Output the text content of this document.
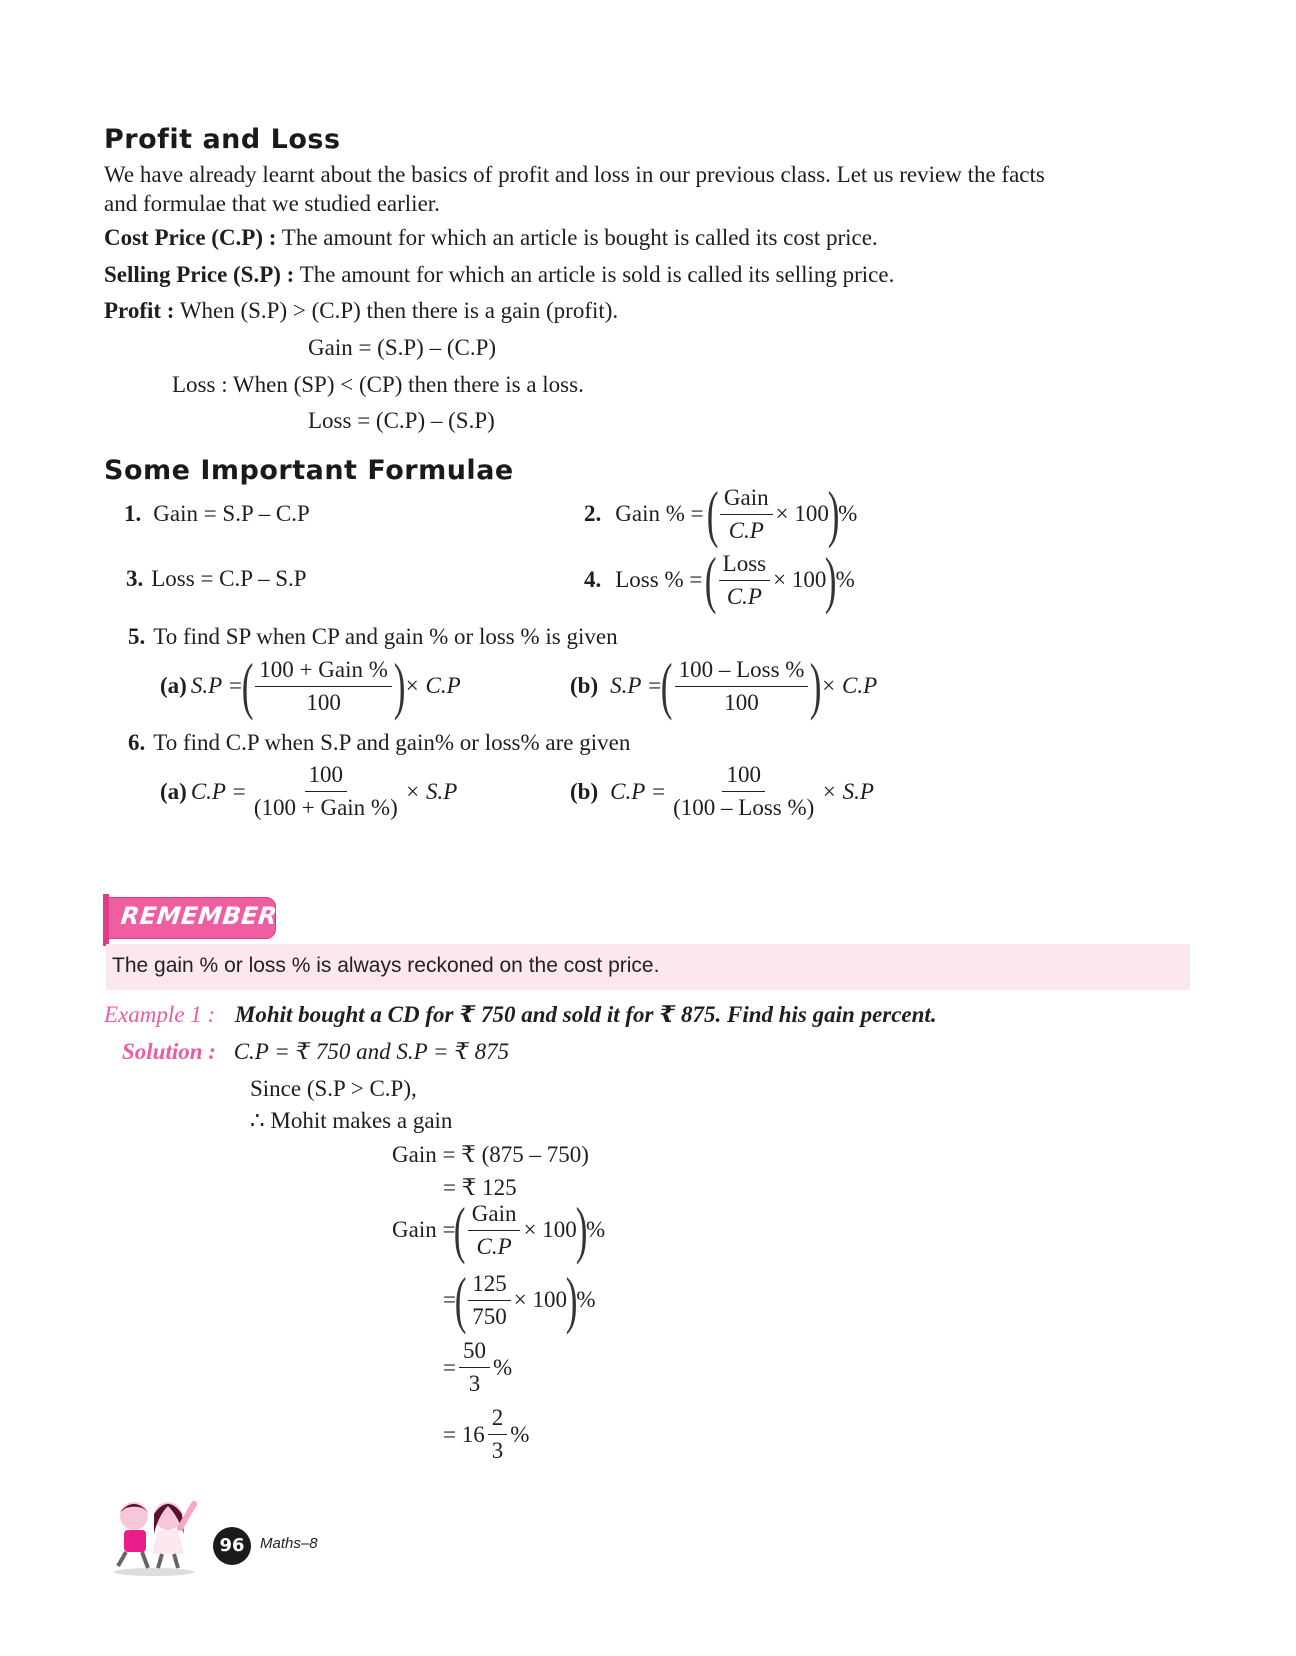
Profit and Loss
We have already learnt about the basics of profit and loss in our previous class. Let us review the facts
and formulae that we studied earlier.
Cost Price (C.P) : The amount for which an article is bought is called its cost price.
Selling Price (S.P) : The amount for which an article is sold is called its selling price.
Profit : When (S.P) > (C.P) then there is a gain (profit).
Gain = (S.P) – (C.P)
Loss : When (SP) < (CP) then there is a loss.
Loss = (C.P) – (S.P)
Some Important Formulae
1. Gain = S.P – C.P	2. Gain % = ( $\frac{\text{Gain}}{C.P} \times 100$
)
%
3. Loss = C.P – S.P	4. Loss % = ( $\frac{\text{Loss}}{C.P} \times 100$
)
%
5. To find SP when CP and gain % or loss % is given
(a) S.P =
( $\frac{\text{100 + Gain \%}}{100}$ )
× C.P	(b) S.P =
( $\frac{\text{100 – Loss \%}}{100}$ )
× C.P
6. To find C.P when S.P and gain% or loss% are given
(a) $C.P = \frac{100}{\text{(100 + Gain \%)}} \times S.P$	(b) $C.P = \frac{100}{\text{(100 – Loss \%)}} \times S.P$
REMEMBER
The gain % or loss % is always reckoned on the cost price.
Example 1 : Mohit bought a CD for ₹ 750 and sold it for ₹ 875. Find his gain percent.
Solution : C.P = ₹ 750 and S.P = ₹ 875
Since (S.P > C.P),
∴ Mohit makes a gain
Gain = ₹ (875 – 750)
= ₹ 125
Gain =
( $\frac{\text{Gain}}{C.P} \times 100$
)
%
=
( $\frac{125}{750} \times 100$
)
%
= $\frac{50}{3}$ %
= $16 \frac{2}{3}$ %
96	Maths–8
